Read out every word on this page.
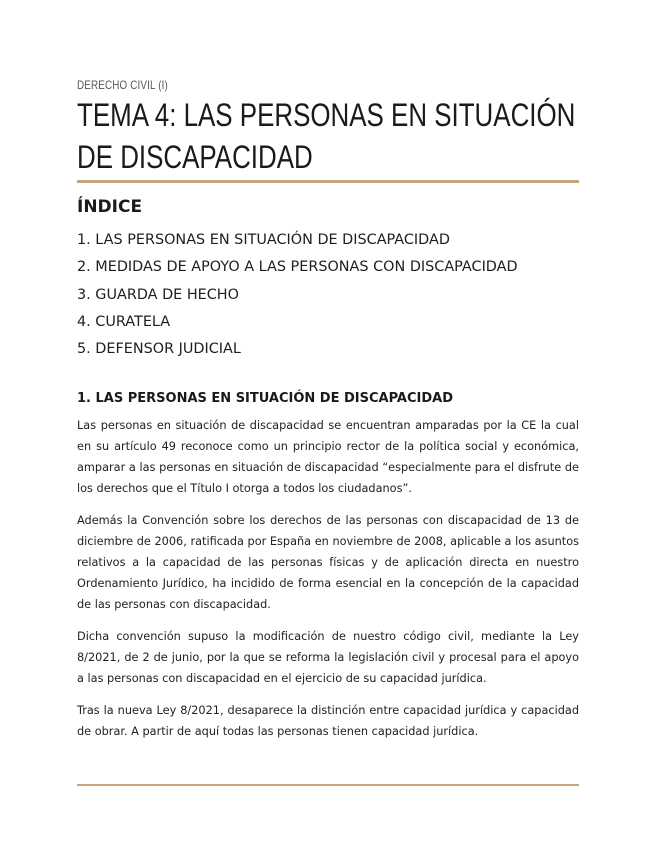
DERECHO CIVIL (I)
TEMA 4: LAS PERSONAS EN SITUACIÓN DE DISCAPACIDAD
ÍNDICE
1. LAS PERSONAS EN SITUACIÓN DE DISCAPACIDAD
2. MEDIDAS DE APOYO A LAS PERSONAS CON DISCAPACIDAD
3. GUARDA DE HECHO
4. CURATELA
5. DEFENSOR JUDICIAL
1. LAS PERSONAS EN SITUACIÓN DE DISCAPACIDAD

Las personas en situación de discapacidad se encuentran amparadas por la CE la cual en su artículo 49 reconoce como un principio rector de la política social y económica, amparar a las personas en situación de discapacidad “especialmente para el disfrute de los derechos que el Título I otorga a todos los ciudadanos”.

Además la Convención sobre los derechos de las personas con discapacidad de 13 de diciembre de 2006, ratificada por España en noviembre de 2008, aplicable a los asuntos relativos a la capacidad de las personas físicas y de aplicación directa en nuestro Ordenamiento Jurídico, ha incidido de forma esencial en la concepción de la capacidad de las personas con discapacidad.

Dicha convención supuso la modificación de nuestro código civil, mediante la Ley 8/2021, de 2 de junio, por la que se reforma la legislación civil y procesal para el apoyo a las personas con discapacidad en el ejercicio de su capacidad jurídica.

Tras la nueva Ley 8/2021, desaparece la distinción entre capacidad jurídica y capacidad de obrar. A partir de aquí todas las personas tienen capacidad jurídica.
